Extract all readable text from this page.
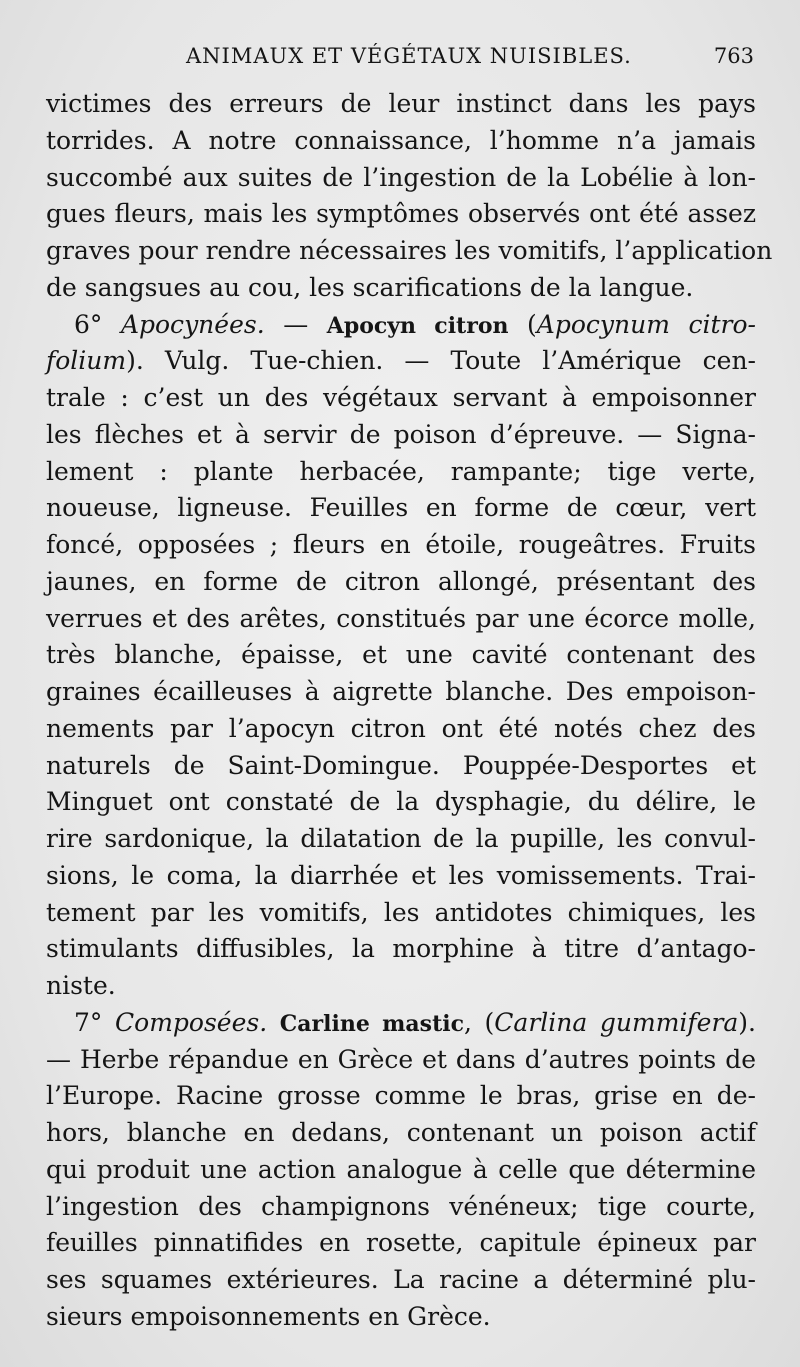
ANIMAUX ET VÉGÉTAUX NUISIBLES.	763
victimes des erreurs de leur instinct dans les pays
torrides. A notre connaissance, l’homme n’a jamais
succombé aux suites de l’ingestion de la Lobélie à lon-
gues fleurs, mais les symptômes observés ont été assez
graves pour rendre nécessaires les vomitifs, l’application
de sangsues au cou, les scarifications de la langue.
6° Apocynées. — Apocyn citron (Apocynum citro-
folium). Vulg. Tue-chien. — Toute l’Amérique cen-
trale : c’est un des végétaux servant à empoisonner
les flèches et à servir de poison d’épreuve. — Signa-
lement : plante herbacée, rampante; tige verte,
noueuse, ligneuse. Feuilles en forme de cœur, vert
foncé, opposées ; fleurs en étoile, rougeâtres. Fruits
jaunes, en forme de citron allongé, présentant des
verrues et des arêtes, constitués par une écorce molle,
très blanche, épaisse, et une cavité contenant des
graines écailleuses à aigrette blanche. Des empoison-
nements par l’apocyn citron ont été notés chez des
naturels de Saint-Domingue. Pouppée-Desportes et
Minguet ont constaté de la dysphagie, du délire, le
rire sardonique, la dilatation de la pupille, les convul-
sions, le coma, la diarrhée et les vomissements. Trai-
tement par les vomitifs, les antidotes chimiques, les
stimulants diffusibles, la morphine à titre d’antago-
niste.
7° Composées. Carline mastic, (Carlina gummifera).
— Herbe répandue en Grèce et dans d’autres points de
l’Europe. Racine grosse comme le bras, grise en de-
hors, blanche en dedans, contenant un poison actif
qui produit une action analogue à celle que détermine
l’ingestion des champignons vénéneux; tige courte,
feuilles pinnatifides en rosette, capitule épineux par
ses squames extérieures. La racine a déterminé plu-
sieurs empoisonnements en Grèce.
